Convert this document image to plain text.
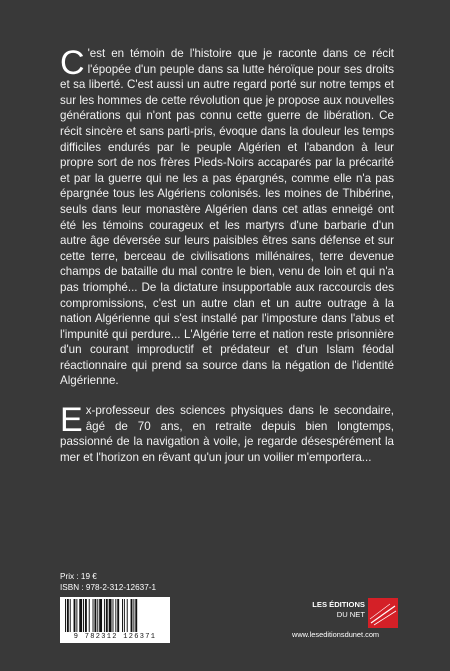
C 'est en témoin de l'histoire que je raconte dans ce récit l'épopée d'un peuple dans sa lutte héroïque pour ses droits et sa liberté. C'est aussi un autre regard porté sur notre temps et sur les hommes de cette révolution que je propose aux nouvelles générations qui n'ont pas connu cette guerre de libération. Ce récit sincère et sans parti-pris, évoque dans la douleur les temps difficiles endurés par le peuple Algérien et l'abandon à leur propre sort de nos frères Pieds-Noirs accaparés par la précarité et par la guerre qui ne les a pas épargnés, comme elle n'a pas épargnée tous les Algériens colonisés. les moines de Thibérine, seuls dans leur monastère Algérien dans cet atlas enneigé ont été les témoins courageux et les martyrs d'une barbarie d'un autre âge déversée sur leurs paisibles êtres sans défense et sur cette terre, berceau de civilisations millénaires, terre devenue champs de bataille du mal contre le bien, venu de loin et qui n'a pas triomphé... De la dictature insupportable aux raccourcis des compromissions, c'est un autre clan et un autre outrage à la nation Algérienne qui s'est installé par l'imposture dans l'abus et l'impunité qui perdure... L'Algérie terre et nation reste prisonnière d'un courant improductif et prédateur et d'un Islam féodal réactionnaire qui prend sa source dans la négation de l'identité Algérienne.

Ex-professeur des sciences physiques dans le secondaire, âgé de 70 ans, en retraite depuis bien longtemps, passionné de la navigation à voile, je regarde désespérément la mer et l'horizon en rêvant qu'un jour un voilier m'emportera...

Prix : 19 €
ISBN : 978-2-312-12637-1
9 782312 126371
LES ÉDITIONS
DU NET
www.leseditionsdunet.com
